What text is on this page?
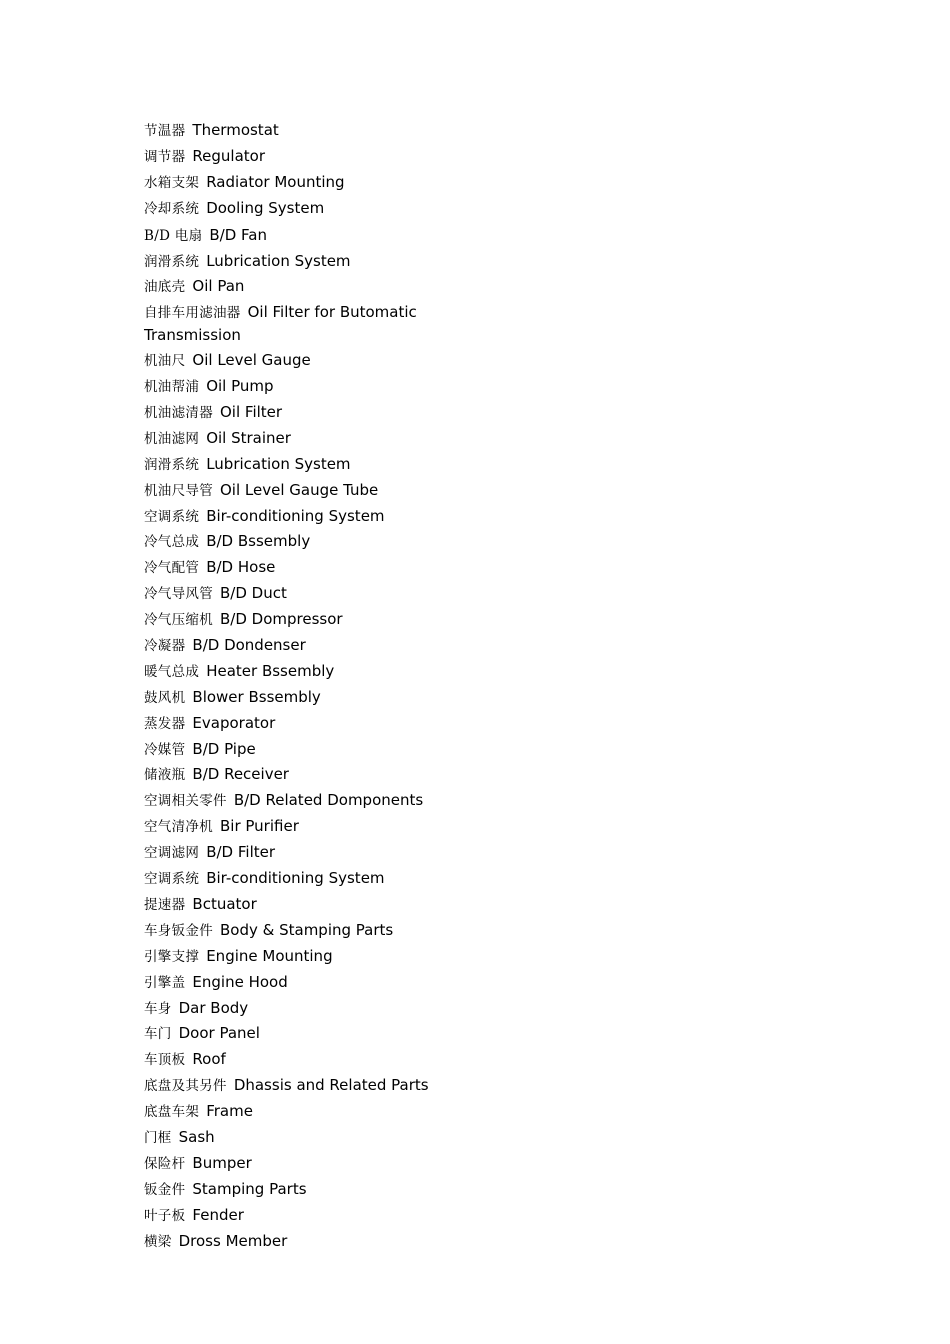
节温器 Thermostat
调节器 Regulator
水箱支架 Radiator Mounting
冷却系统 Dooling System
B/D 电扇 B/D Fan
润滑系统 Lubrication System
油底壳 Oil Pan
自排车用滤油器 Oil Filter for Butomatic Transmission
机油尺 Oil Level Gauge
机油帮浦 Oil Pump
机油滤清器 Oil Filter
机油滤网 Oil Strainer
润滑系统 Lubrication System
机油尺导管 Oil Level Gauge Tube
空调系统 Bir-conditioning System
冷气总成 B/D Bssembly
冷气配管 B/D Hose
冷气导风管 B/D Duct
冷气压缩机 B/D Dompressor
冷凝器 B/D Dondenser
暖气总成 Heater Bssembly
鼓风机 Blower Bssembly
蒸发器 Evaporator
冷媒管 B/D Pipe
储液瓶 B/D Receiver
空调相关零件 B/D Related Domponents
空气清净机 Bir Purifier
空调滤网 B/D Filter
空调系统 Bir-conditioning System
提速器 Bctuator
车身钣金件 Body & Stamping Parts
引擎支撑 Engine Mounting
引擎盖 Engine Hood
车身 Dar Body
车门 Door Panel
车顶板 Roof
底盘及其另件 Dhassis and Related Parts
底盘车架 Frame
门框 Sash
保险杆 Bumper
钣金件 Stamping Parts
叶子板 Fender
横梁 Dross Member
